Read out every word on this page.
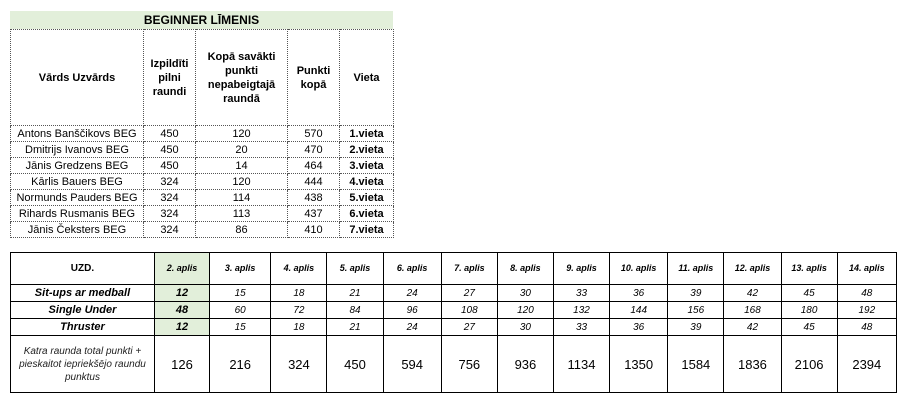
BEGINNER LĪMENIS
Vārds Uzvārds	Izpildīti pilni raundi	Kopā savākti punkti nepabeigtajā raundā	Punkti kopā	Vieta
Antons Banščikovs BEG	450	120	570	1.vieta
Dmitrijs Ivanovs BEG	450	20	470	2.vieta
Jānis Gredzens BEG	450	14	464	3.vieta
Kārlis Bauers BEG	324	120	444	4.vieta
Normunds Pauders BEG	324	114	438	5.vieta
Rihards Rusmanis BEG	324	113	437	6.vieta
Jānis Čeksters BEG	324	86	410	7.vieta
UZD.	2. aplis	3. aplis	4. aplis	5. aplis	6. aplis	7. aplis	8. aplis	9. aplis	10. aplis	11. aplis	12. aplis	13. aplis	14. aplis
Sit-ups ar medball	12	15	18	21	24	27	30	33	36	39	42	45	48
Single Under	48	60	72	84	96	108	120	132	144	156	168	180	192
Thruster	12	15	18	21	24	27	30	33	36	39	42	45	48
Katra raunda total punkti + pieskaitot iepriekšējo raundu punktus	126	216	324	450	594	756	936	1134	1350	1584	1836	2106	2394
